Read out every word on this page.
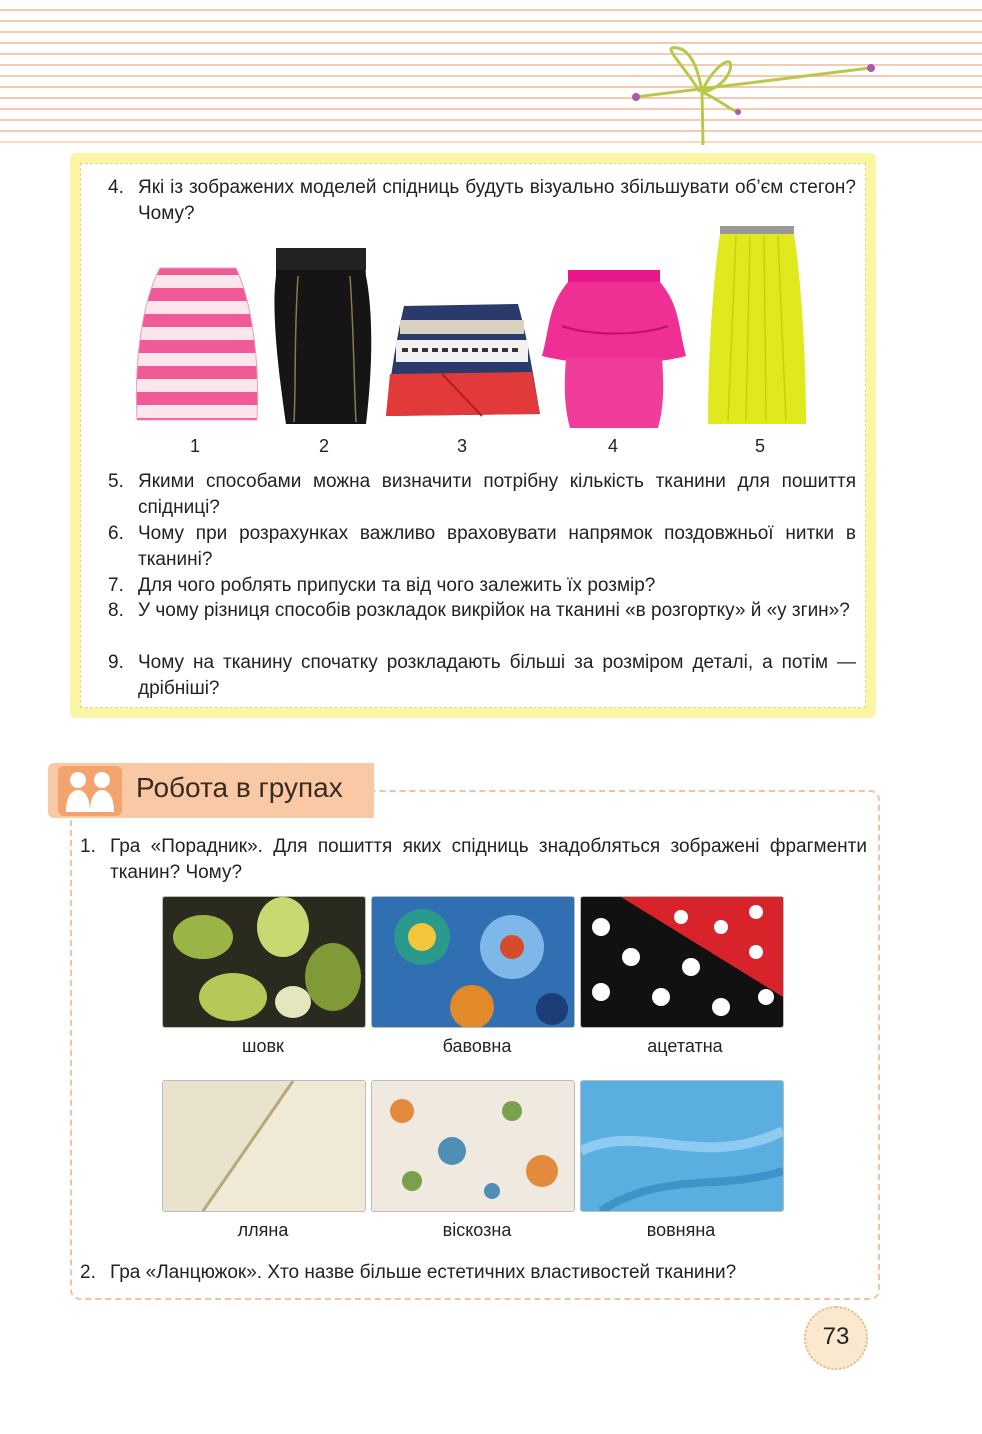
4. Які із зображених моделей спідниць будуть візуально збільшувати об’єм стегон? Чому?
1	2	3	4	5
5. Якими способами можна визначити потрібну кількість тканини для пошиття спідниці?
6. Чому при розрахунках важливо враховувати напрямок поздовжньої нитки в тканині?
7. Для чого роблять припуски та від чого залежить їх розмір?
8. У чому різниця способів розкладок викрійок на тканині «в розгортку» й «у згин»?
9. Чому на тканину спочатку розкладають більші за розміром деталі, а потім — дрібніші?
Робота в групах
1. Гра «Порадник». Для пошиття яких спідниць знадобляться зображені фрагменти тканин? Чому?
шовк	бавовна	ацетатна
лляна	віскозна	вовняна
2. Гра «Ланцюжок». Хто назве більше естетичних властивостей тканини?
73
